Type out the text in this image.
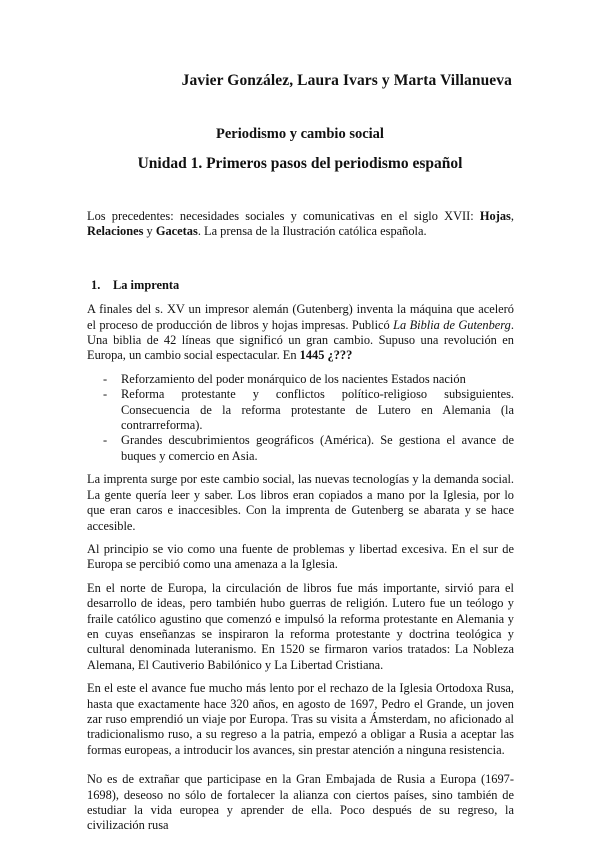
Javier González, Laura Ivars y Marta Villanueva
Periodismo y cambio social
Unidad 1. Primeros pasos del periodismo español

Los precedentes: necesidades sociales y comunicativas en el siglo XVII: Hojas, Relaciones y Gacetas. La prensa de la Ilustración católica española.

1.	La imprenta

A finales del s. XV un impresor alemán (Gutenberg) inventa la máquina que aceleró el proceso de producción de libros y hojas impresas. Publicó La Biblia de Gutenberg. Una biblia de 42 líneas que significó un gran cambio. Supuso una revolución en Europa, un cambio social espectacular. En 1445 ¿???

- Reforzamiento del poder monárquico de los nacientes Estados nación
- Reforma protestante y conflictos político-religioso subsiguientes. Consecuencia de la reforma protestante de Lutero en Alemania (la contrarreforma).
- Grandes descubrimientos geográficos (América). Se gestiona el avance de buques y comercio en Asia.

La imprenta surge por este cambio social, las nuevas tecnologías y la demanda social. La gente quería leer y saber. Los libros eran copiados a mano por la Iglesia, por lo que eran caros e inaccesibles. Con la imprenta de Gutenberg se abarata y se hace accesible.

Al principio se vio como una fuente de problemas y libertad excesiva. En el sur de Europa se percibió como una amenaza a la Iglesia.

En el norte de Europa, la circulación de libros fue más importante, sirvió para el desarrollo de ideas, pero también hubo guerras de religión. Lutero fue un teólogo y fraile católico agustino que comenzó e impulsó la reforma protestante en Alemania y en cuyas enseñanzas se inspiraron la reforma protestante y doctrina teológica y cultural denominada luteranismo. En 1520 se firmaron varios tratados: La Nobleza Alemana, El Cautiverio Babilónico y La Libertad Cristiana.

En el este el avance fue mucho más lento por el rechazo de la Iglesia Ortodoxa Rusa, hasta que exactamente hace 320 años, en agosto de 1697, Pedro el Grande, un joven zar ruso emprendió un viaje por Europa. Tras su visita a Ámsterdam, no aficionado al tradicionalismo ruso, a su regreso a la patria, empezó a obligar a Rusia a aceptar las formas europeas, a introducir los avances, sin prestar atención a ninguna resistencia.

No es de extrañar que participase en la Gran Embajada de Rusia a Europa (1697-1698), deseoso no sólo de fortalecer la alianza con ciertos países, sino también de estudiar la vida europea y aprender de ella. Poco después de su regreso, la civilización rusa
